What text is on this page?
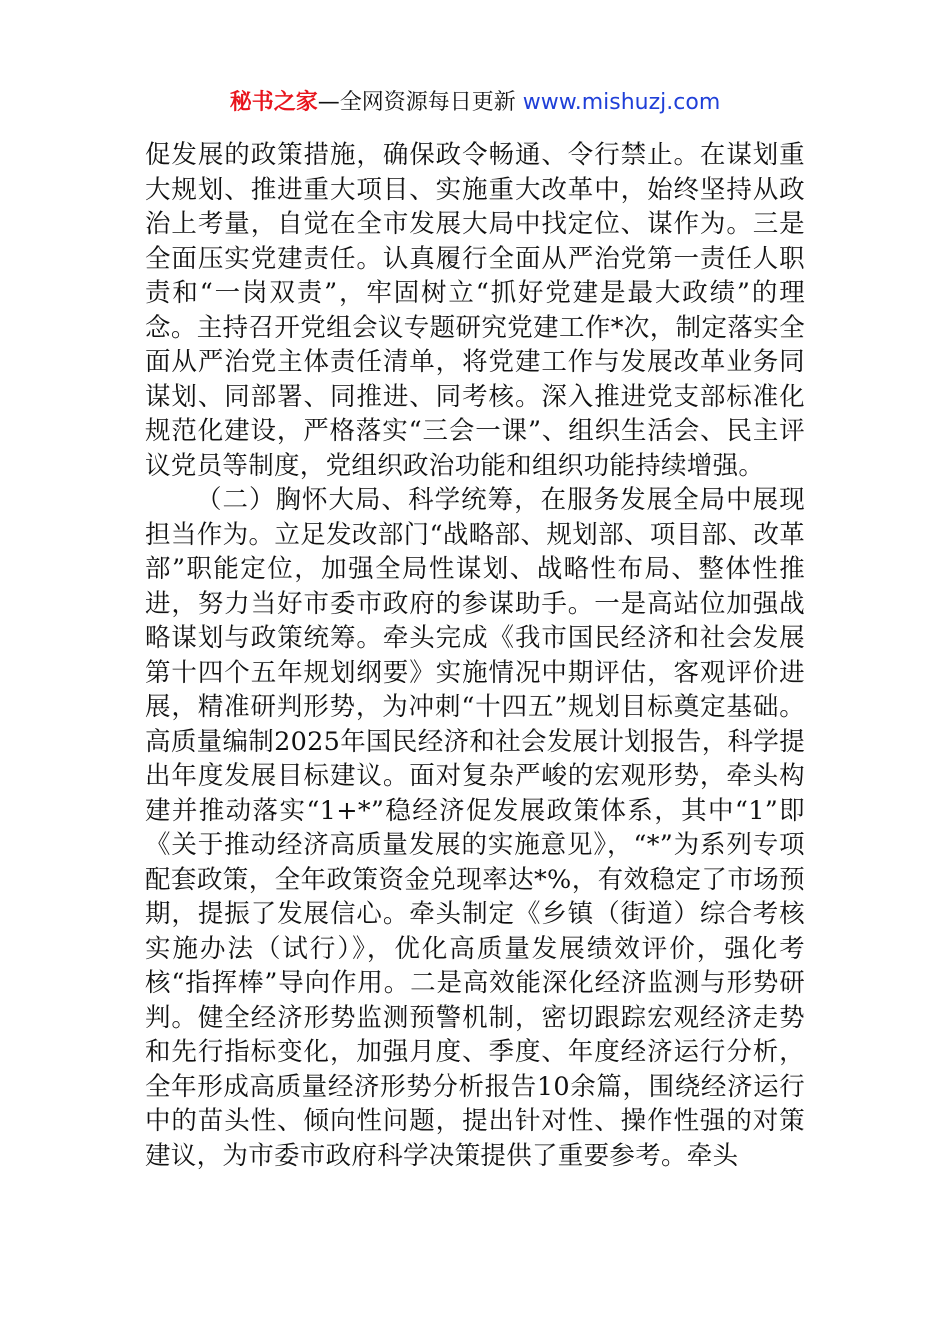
秘书之家—全网资源每日更新 www.mishuzj.com

促发展的政策措施，确保政令畅通、令行禁止。在谋划重大规划、推进重大项目、实施重大改革中，始终坚持从政治上考量，自觉在全市发展大局中找定位、谋作为。三是全面压实党建责任。认真履行全面从严治党第一责任人职责和“一岗双责”，牢固树立“抓好党建是最大政绩”的理念。主持召开党组会议专题研究党建工作*次，制定落实全面从严治党主体责任清单，将党建工作与发展改革业务同谋划、同部署、同推进、同考核。深入推进党支部标准化规范化建设，严格落实“三会一课”、组织生活会、民主评议党员等制度，党组织政治功能和组织功能持续增强。

（二）胸怀大局、科学统筹，在服务发展全局中展现担当作为。立足发改部门“战略部、规划部、项目部、改革部”职能定位，加强全局性谋划、战略性布局、整体性推进，努力当好市委市政府的参谋助手。一是高站位加强战略谋划与政策统筹。牵头完成《我市国民经济和社会发展第十四个五年规划纲要》实施情况中期评估，客观评价进展，精准研判形势，为冲刺“十四五”规划目标奠定基础。高质量编制2025年国民经济和社会发展计划报告，科学提出年度发展目标建议。面对复杂严峻的宏观形势，牵头构建并推动落实“1+*”稳经济促发展政策体系，其中“1”即《关于推动经济高质量发展的实施意见》，“*”为系列专项配套政策，全年政策资金兑现率达*%，有效稳定了市场预期，提振了发展信心。牵头制定《乡镇（街道）综合考核实施办法（试行）》，优化高质量发展绩效评价，强化考核“指挥棒”导向作用。二是高效能深化经济监测与形势研判。健全经济形势监测预警机制，密切跟踪宏观经济走势和先行指标变化，加强月度、季度、年度经济运行分析，全年形成高质量经济形势分析报告10余篇，围绕经济运行中的苗头性、倾向性问题，提出针对性、操作性强的对策建议，为市委市政府科学决策提供了重要参考。牵头
